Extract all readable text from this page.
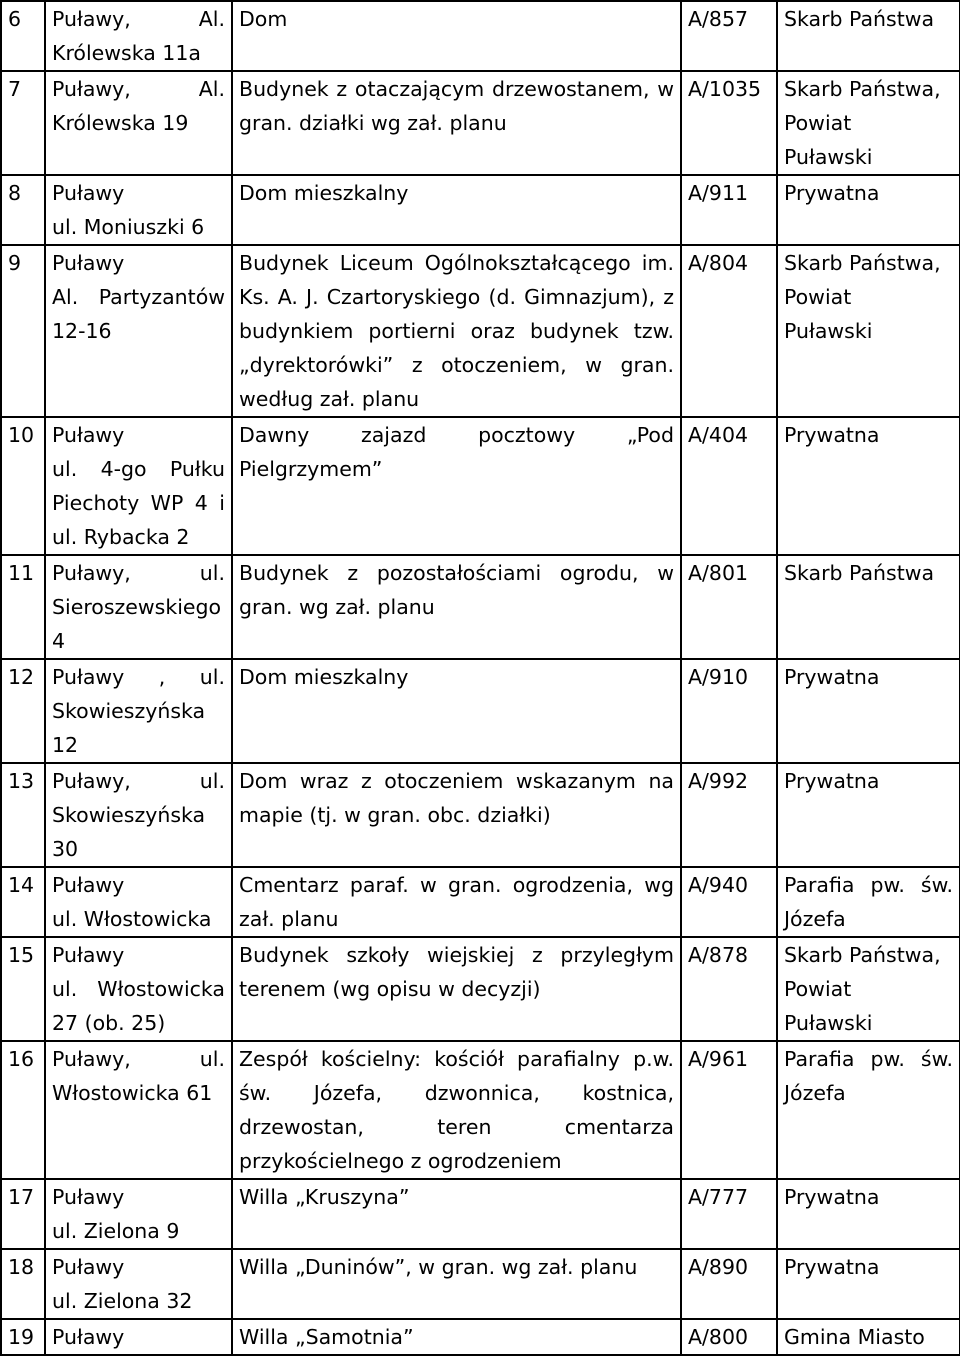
6	Puławy, Al. Królewska 11a	Dom	A/857	Skarb Państwa
7	Puławy, Al. Królewska 19	Budynek z otaczającym drzewostanem, w gran. działki wg zał. planu	A/1035	Skarb Państwa,
Powiat
Puławski
8	Puławy
ul. Moniuszki 6	Dom mieszkalny	A/911	Prywatna
9	Puławy
Al. Partyzantów 12-16	Budynek Liceum Ogólnokształcącego im. Ks. A. J. Czartoryskiego (d. Gimnazjum), z budynkiem portierni oraz budynek tzw. „dyrektorówki” z otoczeniem, w gran. według zał. planu	A/804	Skarb Państwa,
Powiat
Puławski
10	Puławy
ul. 4-go Pułku Piechoty WP 4 i ul. Rybacka 2	Dawny zajazd pocztowy „Pod Pielgrzymem”	A/404	Prywatna
11	Puławy, ul. Sieroszewskiego 4	Budynek z pozostałościami ogrodu, w gran. wg zał. planu	A/801	Skarb Państwa
12	Puławy , ul. Skowieszyńska 12	Dom mieszkalny	A/910	Prywatna
13	Puławy, ul. Skowieszyńska 30	Dom wraz z otoczeniem wskazanym na mapie (tj. w gran. obc. działki)	A/992	Prywatna
14	Puławy
ul. Włostowicka	Cmentarz paraf. w gran. ogrodzenia, wg zał. planu	A/940	Parafia pw. św. Józefa
15	Puławy
ul. Włostowicka 27 (ob. 25)	Budynek szkoły wiejskiej z przyległym terenem (wg opisu w decyzji)	A/878	Skarb Państwa,
Powiat
Puławski
16	Puławy, ul. Włostowicka 61	Zespół kościelny: kościół parafialny p.w. św. Józefa, dzwonnica, kostnica, drzewostan, teren cmentarza przykościelnego z ogrodzeniem	A/961	Parafia pw. św. Józefa
17	Puławy
ul. Zielona 9	Willa „Kruszyna”	A/777	Prywatna
18	Puławy
ul. Zielona 32	Willa „Duninów”, w gran. wg zał. planu	A/890	Prywatna
19	Puławy	Willa „Samotnia”	A/800	Gmina Miasto
